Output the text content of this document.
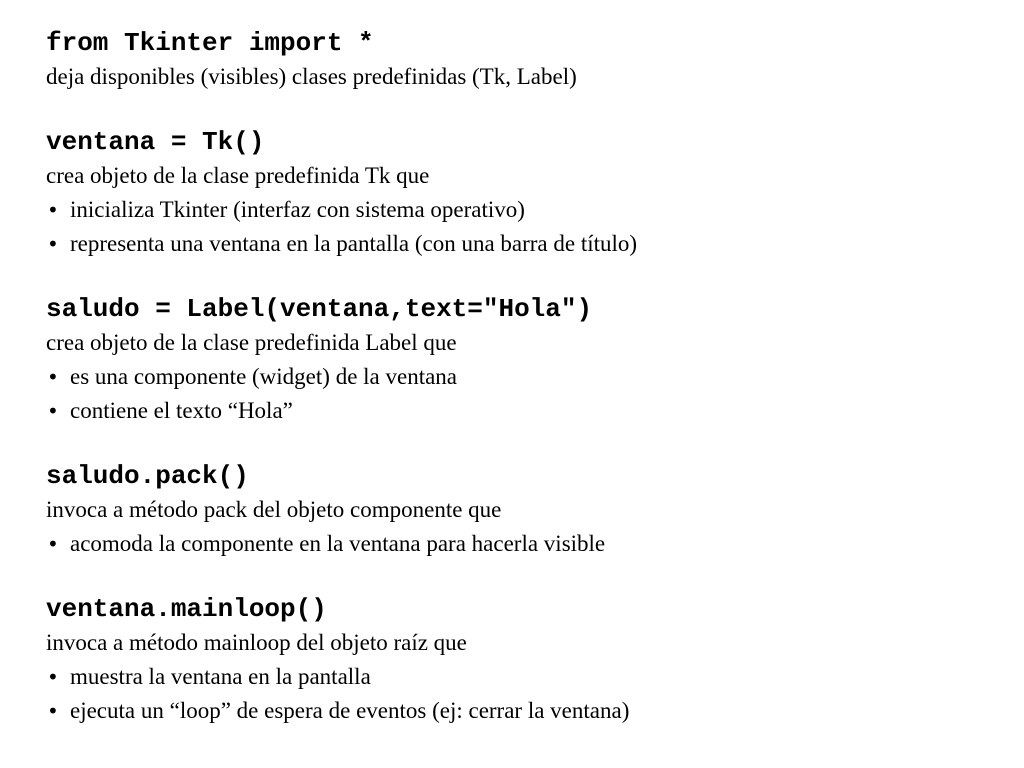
from Tkinter import *

deja disponibles (visibles) clases predefinidas (Tk, Label)

ventana = Tk()

crea objeto de la clase predefinida Tk que

• inicializa Tkinter (interfaz con sistema operativo)
• representa una ventana en la pantalla (con una barra de título)

saludo = Label(ventana,text="Hola")

crea objeto de la clase predefinida Label que

• es una componente (widget) de la ventana
• contiene el texto “Hola”

saludo.pack()

invoca a método pack del objeto componente que

• acomoda la componente en la ventana para hacerla visible

ventana.mainloop()

invoca a método mainloop del objeto raíz que

• muestra la ventana en la pantalla
• ejecuta un “loop” de espera de eventos (ej: cerrar la ventana)
